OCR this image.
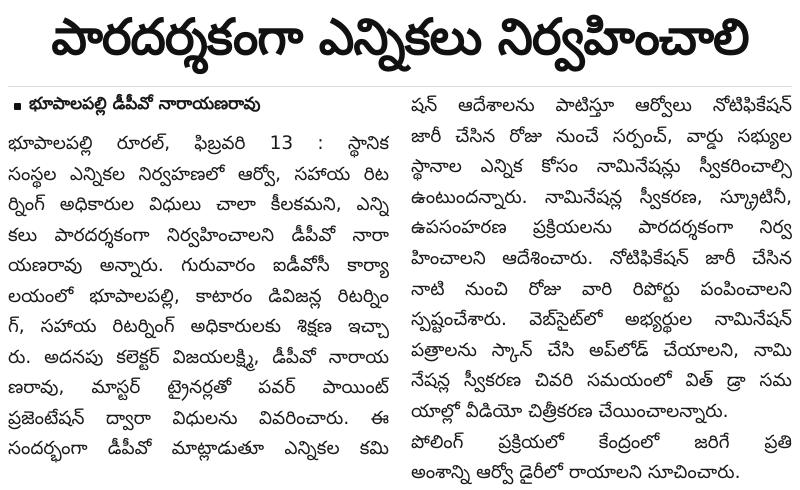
పారదర్శకంగా ఎన్నికలు నిర్వహించాలి
భూపాలపల్లి డీపీవో నారాయణరావు
భూపాలపల్లి రూరల్‌, ఫిబ్రవరి 13 : స్థానిక
సంస్థల ఎన్నికల నిర్వహణలో ఆర్వో, సహాయ రిట
ర్నింగ్‌ అధికారుల విధులు చాలా కీలకమని, ఎన్ని
కలు పారదర్శకంగా నిర్వహించాలని డీపీవో నారా
యణరావు అన్నారు. గురువారం ఐడీవోసీ కార్యా
లయంలో భూపాలపల్లి, కాటారం డివిజన్ల రిటర్నిం
గ్‌, సహాయ రిటర్నింగ్‌ అధికారులకు శిక్షణ ఇచ్చా
రు. అదనపు కలెక్టర్‌ విజయలక్ష్మి, డీపీవో నారాయ
ణరావు, మాస్టర్‌ ట్రైనర్లతో పవర్‌ పాయింట్‌
ప్రజెంటేషన్‌ ద్వారా విధులను వివరించారు. ఈ
సందర్భంగా డీపీవో మాట్లాడుతూ ఎన్నికల కమి
షన్‌ ఆదేశాలను పాటిస్తూ ఆర్వోలు నోటిఫికేషన్‌
జారీ చేసిన రోజు నుంచే సర్పంచ్‌, వార్డు సభ్యుల
స్థానాల ఎన్నిక కోసం నామినేషన్లు స్వీకరించాల్సి
ఉంటుందన్నారు. నామినేషన్ల స్వీకరణ, స్క్రూటినీ,
ఉపసంహరణ ప్రక్రియలను పారదర్శకంగా నిర్వ
హించాలని ఆదేశించారు. నోటిఫికేషన్‌ జారీ చేసిన
నాటి నుంచి రోజు వారి రిపోర్టు పంపించాలని
స్పష్టంచేశారు. వెబ్‌సైట్‌లో అభ్యర్థుల నామినేషన్‌
పత్రాలను స్కాన్‌ చేసి అప్‌లోడ్‌ చేయాలని, నామి
నేషన్ల స్వీకరణ చివరి సమయంలో విత్‌ డ్రా సమ
యాల్లో వీడియో చిత్రీకరణ చేయించాలన్నారు.
పోలింగ్‌ ప్రక్రియలో కేంద్రంలో జరిగే ప్రతి
అంశాన్ని ఆర్వో డైరీలో రాయాలని సూచించారు.
